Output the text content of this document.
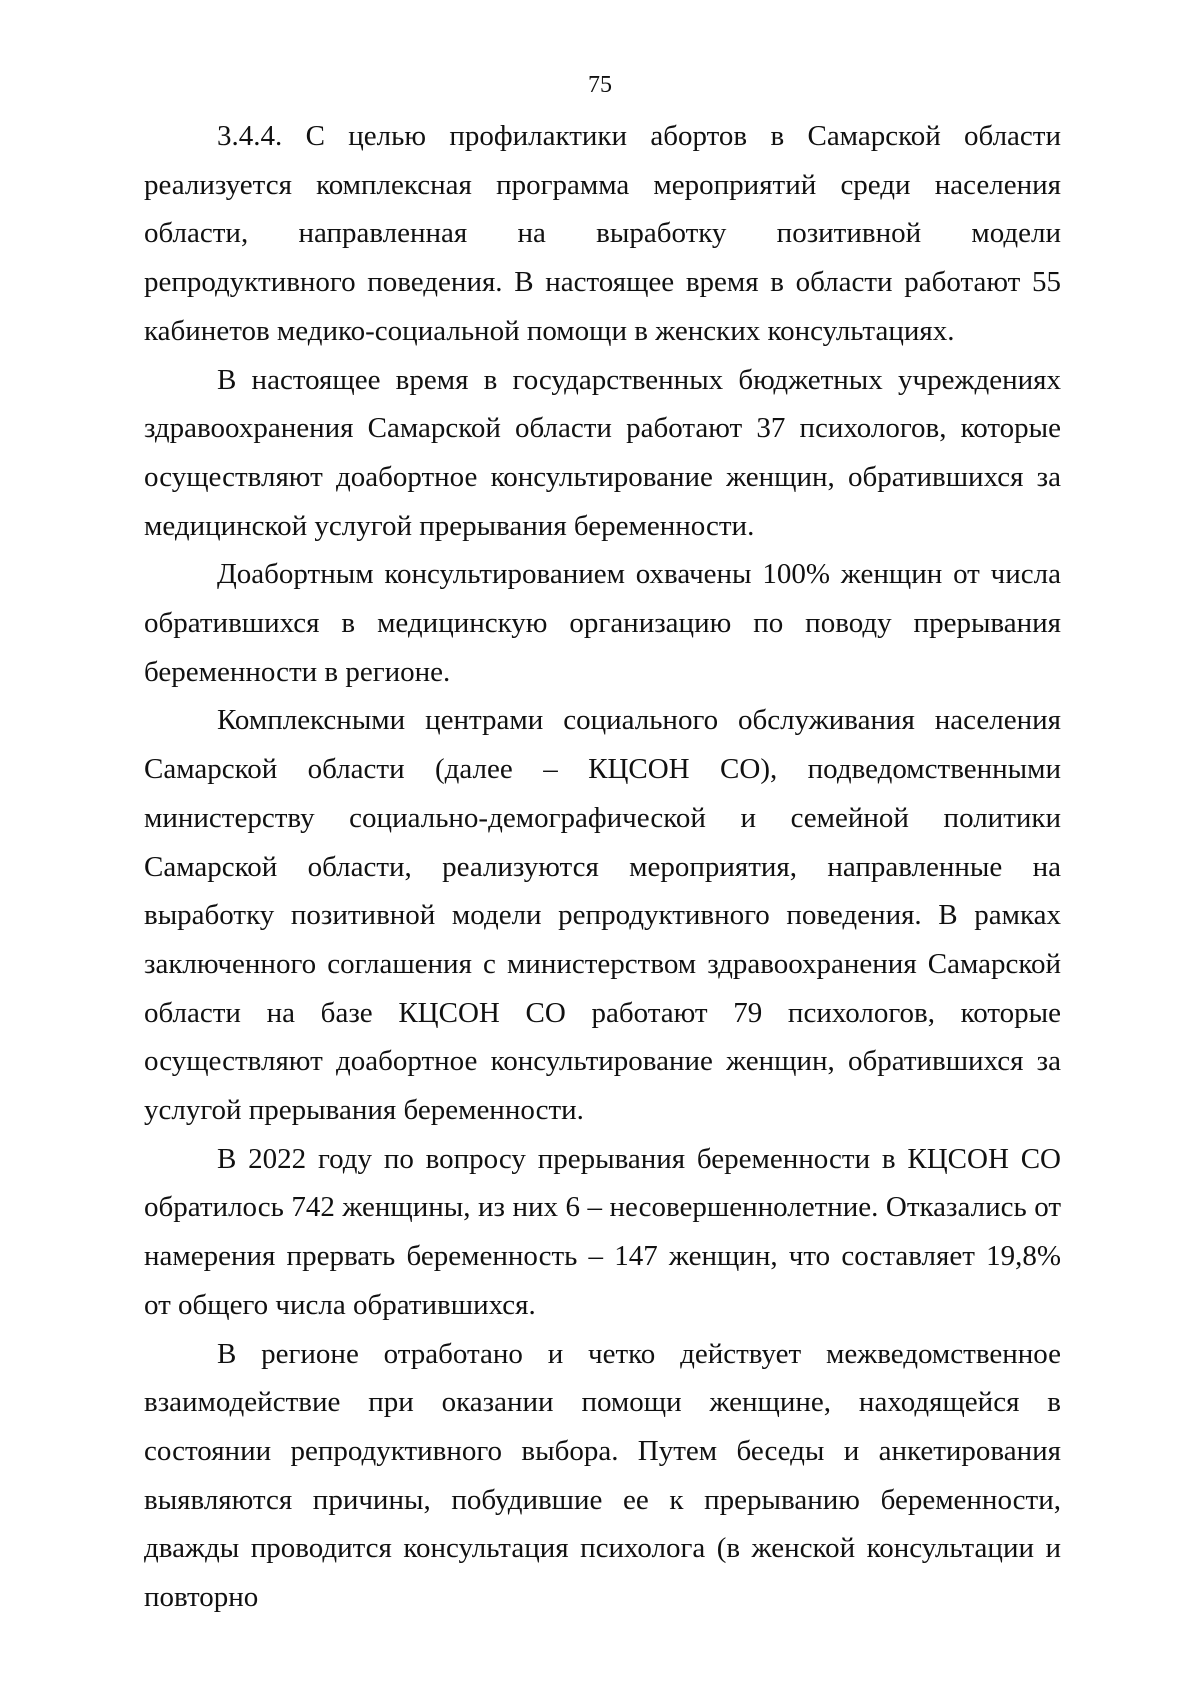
75

3.4.4. С целью профилактики абортов в Самарской области реализуется комплексная программа мероприятий среди населения области, направленная на выработку позитивной модели репродуктивного поведения. В настоящее время в области работают 55 кабинетов медико-социальной помощи в женских консультациях.

В настоящее время в государственных бюджетных учреждениях здравоохранения Самарской области работают 37 психологов, которые осуществляют доабортное консультирование женщин, обратившихся за медицинской услугой прерывания беременности.

Доабортным консультированием охвачены 100% женщин от числа обратившихся в медицинскую организацию по поводу прерывания беременности в регионе.

Комплексными центрами социального обслуживания населения Самарской области (далее – КЦСОН СО), подведомственными министерству социально-демографической и семейной политики Самарской области, реализуются мероприятия, направленные на выработку позитивной модели репродуктивного поведения. В рамках заключенного соглашения с министерством здравоохранения Самарской области на базе КЦСОН СО работают 79 психологов, которые осуществляют доабортное консультирование женщин, обратившихся за услугой прерывания беременности.

В 2022 году по вопросу прерывания беременности в КЦСОН СО обратилось 742 женщины, из них 6 – несовершеннолетние. Отказались от намерения прервать беременность – 147 женщин, что составляет 19,8% от общего числа обратившихся.

В регионе отработано и четко действует межведомственное взаимодействие при оказании помощи женщине, находящейся в состоянии репродуктивного выбора. Путем беседы и анкетирования выявляются причины, побудившие ее к прерыванию беременности, дважды проводится консультация психолога (в женской консультации и повторно
